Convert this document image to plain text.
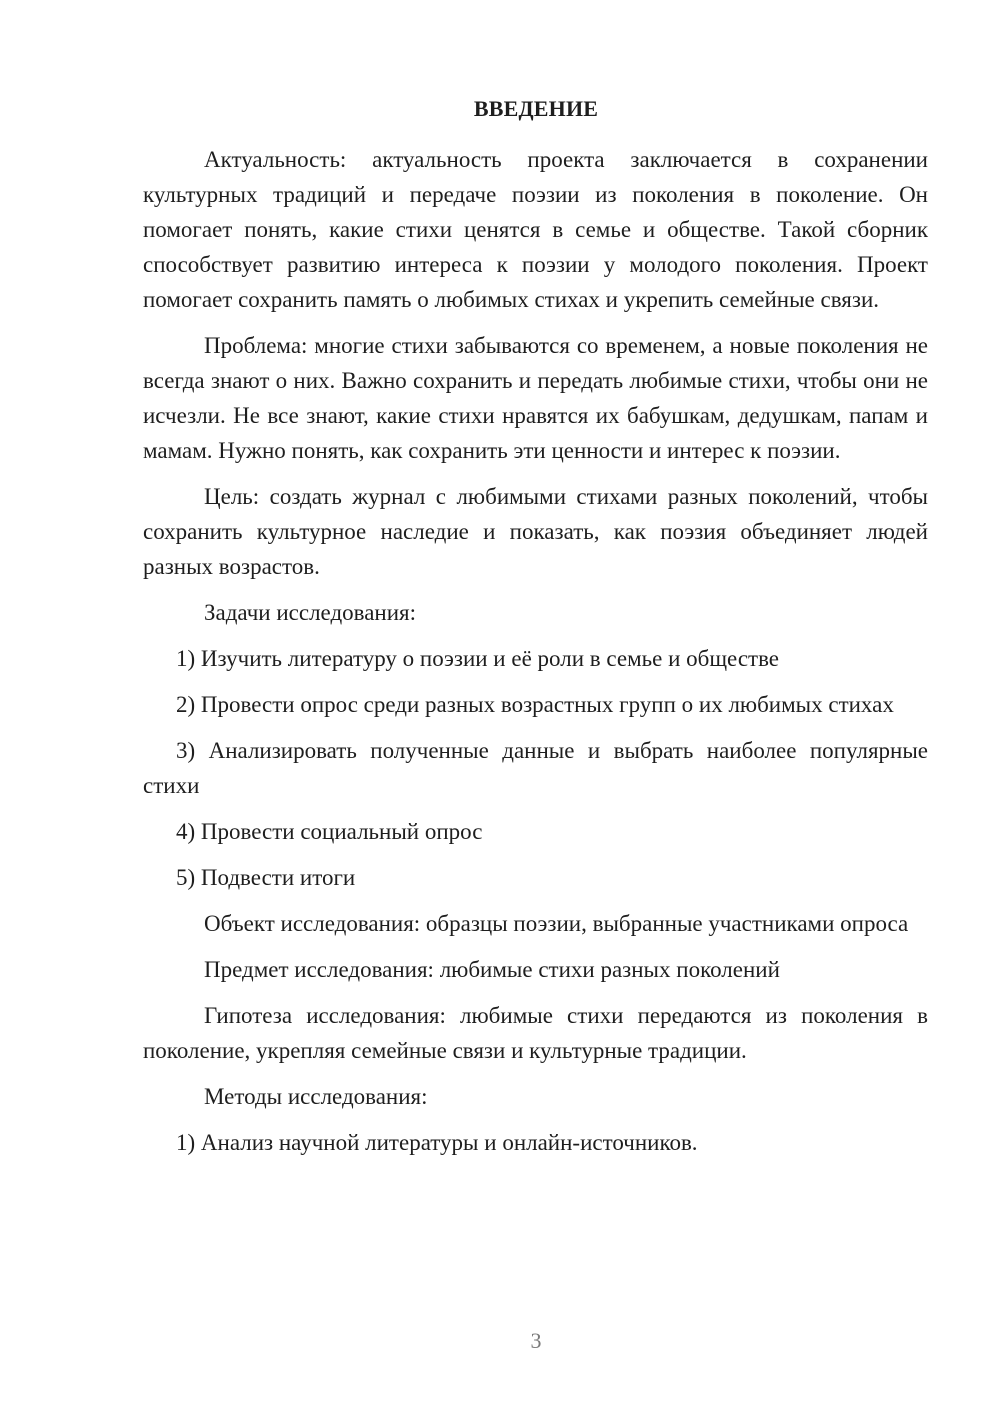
ВВЕДЕНИЕ

Актуальность: актуальность проекта заключается в сохранении культурных традиций и передаче поэзии из поколения в поколение. Он помогает понять, какие стихи ценятся в семье и обществе. Такой сборник способствует развитию интереса к поэзии у молодого поколения. Проект помогает сохранить память о любимых стихах и укрепить семейные связи.

Проблема: многие стихи забываются со временем, а новые поколения не всегда знают о них. Важно сохранить и передать любимые стихи, чтобы они не исчезли. Не все знают, какие стихи нравятся их бабушкам, дедушкам, папам и мамам. Нужно понять, как сохранить эти ценности и интерес к поэзии.

Цель: создать журнал с любимыми стихами разных поколений, чтобы сохранить культурное наследие и показать, как поэзия объединяет людей разных возрастов.

Задачи исследования:

1) Изучить литературу о поэзии и её роли в семье и обществе

2) Провести опрос среди разных возрастных групп о их любимых стихах

3) Анализировать полученные данные и выбрать наиболее популярные стихи

4) Провести социальный опрос

5) Подвести итоги

Объект исследования: образцы поэзии, выбранные участниками опроса

Предмет исследования: любимые стихи разных поколений

Гипотеза исследования: любимые стихи передаются из поколения в поколение, укрепляя семейные связи и культурные традиции.

Методы исследования:

1) Анализ научной литературы и онлайн-источников.

3
